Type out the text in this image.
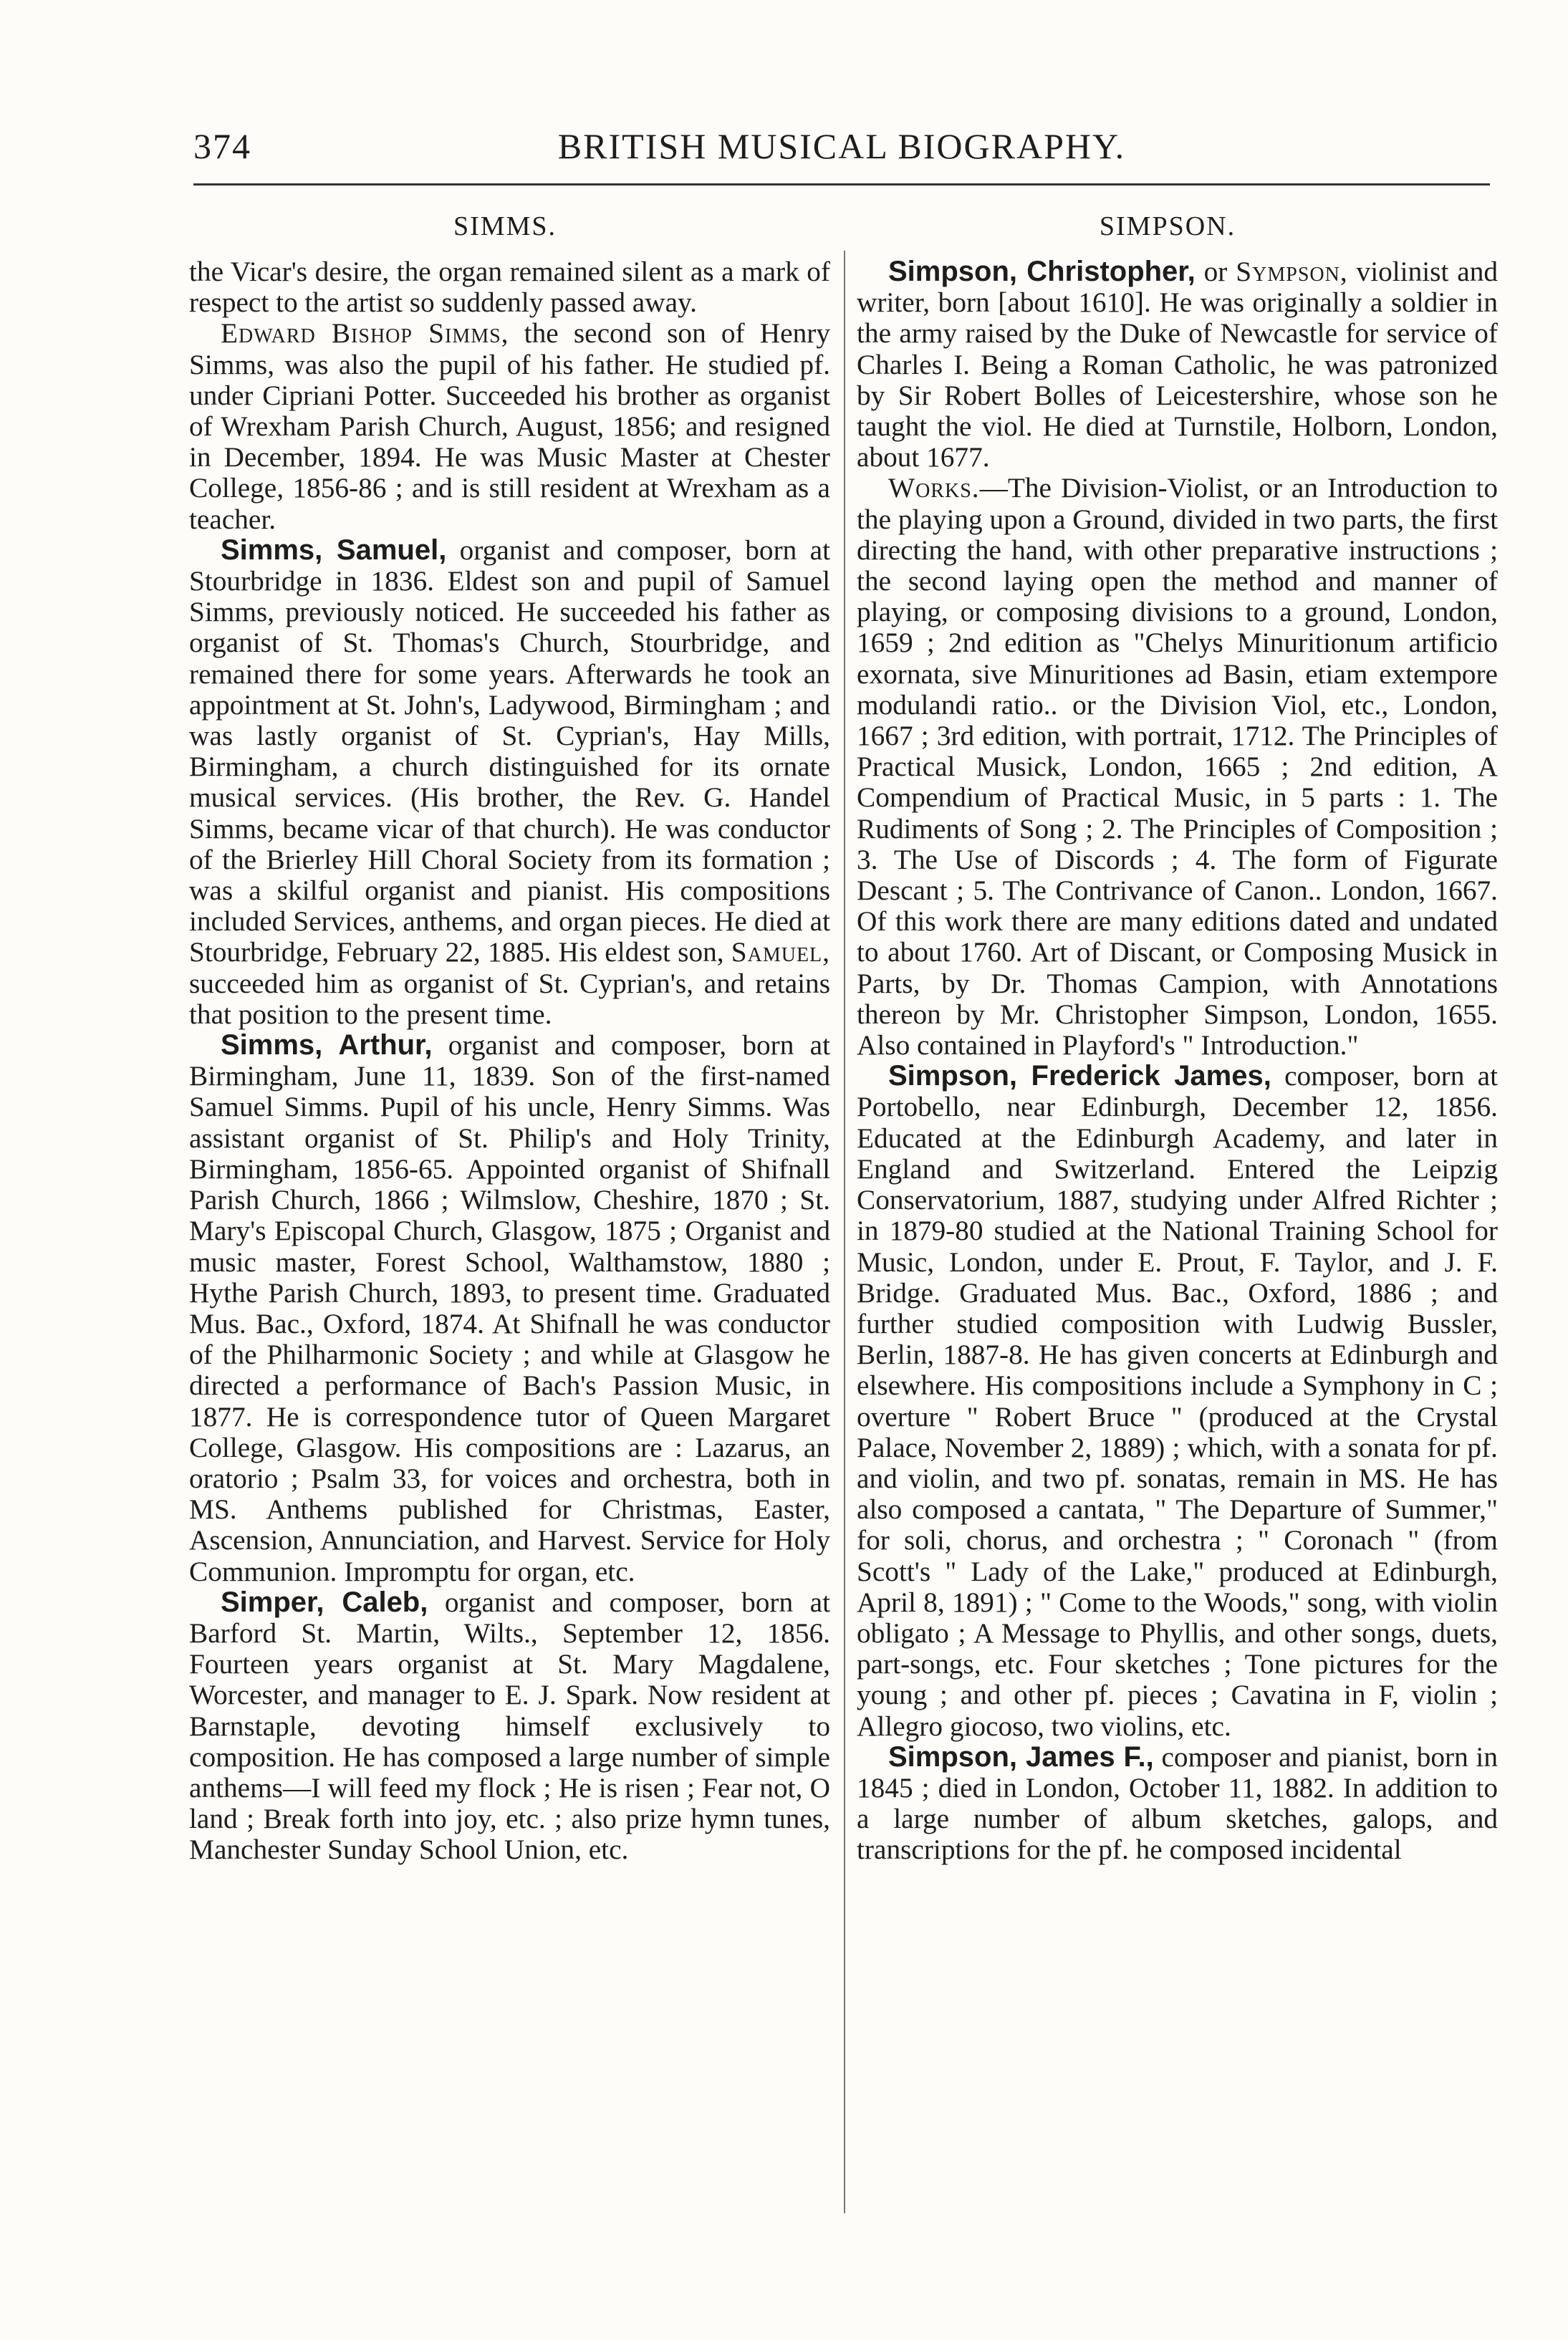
374	BRITISH MUSICAL BIOGRAPHY.
SIMMS.	SIMPSON.

the Vicar's desire, the organ remained silent as a mark of respect to the artist so suddenly passed away.

Edward Bishop Simms, the second son of Henry Simms, was also the pupil of his father. He studied pf. under Cipriani Potter. Succeeded his brother as organist of Wrexham Parish Church, August, 1856; and resigned in December, 1894. He was Music Master at Chester College, 1856-86 ; and is still resident at Wrexham as a teacher.

Simms, Samuel, organist and composer, born at Stourbridge in 1836. Eldest son and pupil of Samuel Simms, previously noticed. He succeeded his father as organist of St. Thomas's Church, Stourbridge, and remained there for some years. Afterwards he took an appointment at St. John's, Ladywood, Birmingham ; and was lastly organist of St. Cyprian's, Hay Mills, Birmingham, a church distinguished for its ornate musical services. (His brother, the Rev. G. Handel Simms, became vicar of that church). He was conductor of the Brierley Hill Choral Society from its formation ; was a skilful organist and pianist. His compositions included Services, anthems, and organ pieces. He died at Stourbridge, February 22, 1885. His eldest son, Samuel, succeeded him as organist of St. Cyprian's, and retains that position to the present time.

Simms, Arthur, organist and composer, born at Birmingham, June 11, 1839. Son of the first-named Samuel Simms. Pupil of his uncle, Henry Simms. Was assistant organist of St. Philip's and Holy Trinity, Birmingham, 1856-65. Appointed organist of Shifnall Parish Church, 1866 ; Wilmslow, Cheshire, 1870 ; St. Mary's Episcopal Church, Glasgow, 1875 ; Organist and music master, Forest School, Walthamstow, 1880 ; Hythe Parish Church, 1893, to present time. Graduated Mus. Bac., Oxford, 1874. At Shifnall he was conductor of the Philharmonic Society ; and while at Glasgow he directed a performance of Bach's Passion Music, in 1877. He is correspondence tutor of Queen Margaret College, Glasgow. His compositions are : Lazarus, an oratorio ; Psalm 33, for voices and orchestra, both in MS. Anthems published for Christmas, Easter, Ascension, Annunciation, and Harvest. Service for Holy Communion. Impromptu for organ, etc.

Simper, Caleb, organist and composer, born at Barford St. Martin, Wilts., September 12, 1856. Fourteen years organist at St. Mary Magdalene, Worcester, and manager to E. J. Spark. Now resident at Barnstaple, devoting himself exclusively to composition. He has composed a large number of simple anthems—I will feed my flock ; He is risen ; Fear not, O land ; Break forth into joy, etc. ; also prize hymn tunes, Manchester Sunday School Union, etc.

Simpson, Christopher, or Sympson, violinist and writer, born [about 1610]. He was originally a soldier in the army raised by the Duke of Newcastle for service of Charles I. Being a Roman Catholic, he was patronized by Sir Robert Bolles of Leicestershire, whose son he taught the viol. He died at Turnstile, Holborn, London, about 1677.

Works.—The Division-Violist, or an Introduction to the playing upon a Ground, divided in two parts, the first directing the hand, with other preparative instructions ; the second laying open the method and manner of playing, or composing divisions to a ground, London, 1659 ; 2nd edition as "Chelys Minuritionum artificio exornata, sive Minuritiones ad Basin, etiam extempore modulandi ratio.. or the Division Viol, etc., London, 1667 ; 3rd edition, with portrait, 1712. The Principles of Practical Musick, London, 1665 ; 2nd edition, A Compendium of Practical Music, in 5 parts : 1. The Rudiments of Song ; 2. The Principles of Composition ; 3. The Use of Discords ; 4. The form of Figurate Descant ; 5. The Contrivance of Canon.. London, 1667. Of this work there are many editions dated and undated to about 1760. Art of Discant, or Composing Musick in Parts, by Dr. Thomas Campion, with Annotations thereon by Mr. Christopher Simpson, London, 1655. Also contained in Playford's " Introduction."

Simpson, Frederick James, composer, born at Portobello, near Edinburgh, December 12, 1856. Educated at the Edinburgh Academy, and later in England and Switzerland. Entered the Leipzig Conservatorium, 1887, studying under Alfred Richter ; in 1879-80 studied at the National Training School for Music, London, under E. Prout, F. Taylor, and J. F. Bridge. Graduated Mus. Bac., Oxford, 1886 ; and further studied composition with Ludwig Bussler, Berlin, 1887-8. He has given concerts at Edinburgh and elsewhere. His compositions include a Symphony in C ; overture " Robert Bruce " (produced at the Crystal Palace, November 2, 1889) ; which, with a sonata for pf. and violin, and two pf. sonatas, remain in MS. He has also composed a cantata, " The Departure of Summer," for soli, chorus, and orchestra ; " Coronach " (from Scott's " Lady of the Lake," produced at Edinburgh, April 8, 1891) ; " Come to the Woods," song, with violin obligato ; A Message to Phyllis, and other songs, duets, part-songs, etc. Four sketches ; Tone pictures for the young ; and other pf. pieces ; Cavatina in F, violin ; Allegro giocoso, two violins, etc.

Simpson, James F., composer and pianist, born in 1845 ; died in London, October 11, 1882. In addition to a large number of album sketches, galops, and transcriptions for the pf. he composed incidental
